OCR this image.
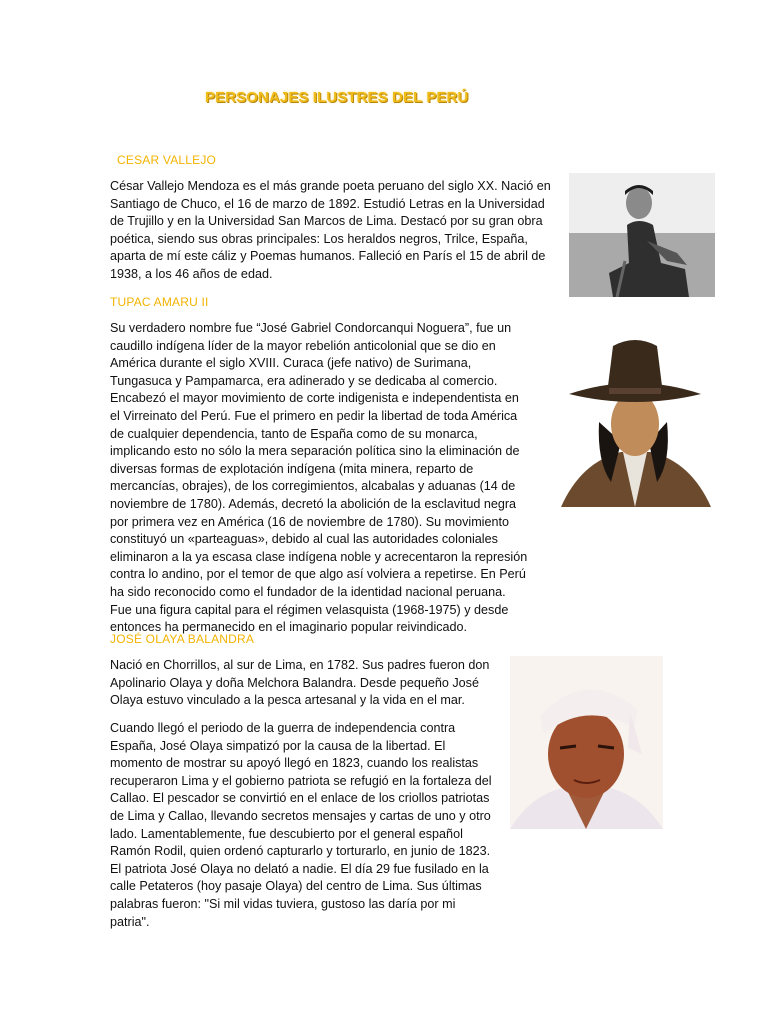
PERSONAJES ILUSTRES DEL PERÚ
CESAR VALLEJO

César Vallejo Mendoza es el más grande poeta peruano del siglo XX. Nació en Santiago de Chuco, el 16 de marzo de 1892. Estudió Letras en la Universidad de Trujillo y en la Universidad San Marcos de Lima. Destacó por su gran obra poética, siendo sus obras principales: Los heraldos negros, Trilce, España, aparta de mí este cáliz y Poemas humanos. Falleció en París el 15 de abril de 1938, a los 46 años de edad.

TUPAC AMARU II

Su verdadero nombre fue “José Gabriel Condorcanqui Noguera”, fue un caudillo indígena líder de la mayor rebelión anticolonial que se dio en América durante el siglo XVIII. Curaca (jefe nativo) de Surimana, Tungasuca y Pampamarca, era adinerado y se dedicaba al comercio. Encabezó el mayor movimiento de corte indigenista e independentista en el Virreinato del Perú. Fue el primero en pedir la libertad de toda América de cualquier dependencia, tanto de España como de su monarca, implicando esto no sólo la mera separación política sino la eliminación de diversas formas de explotación indígena (mita minera, reparto de mercancías, obrajes), de los corregimientos, alcabalas y aduanas (14 de noviembre de 1780). Además, decretó la abolición de la esclavitud negra por primera vez en América (16 de noviembre de 1780). Su movimiento constituyó un «parteaguas», debido al cual las autoridades coloniales eliminaron a la ya escasa clase indígena noble y acrecentaron la represión contra lo andino, por el temor de que algo así volviera a repetirse. En Perú ha sido reconocido como el fundador de la identidad nacional peruana. Fue una figura capital para el régimen velasquista (1968-1975) y desde entonces ha permanecido en el imaginario popular reivindicado.

JOSÉ OLAYA BALANDRA

Nació en Chorrillos, al sur de Lima, en 1782. Sus padres fueron don Apolinario Olaya y doña Melchora Balandra. Desde pequeño José Olaya estuvo vinculado a la pesca artesanal y la vida en el mar.

Cuando llegó el periodo de la guerra de independencia contra España, José Olaya simpatizó por la causa de la libertad. El momento de mostrar su apoyó llegó en 1823, cuando los realistas recuperaron Lima y el gobierno patriota se refugió en la fortaleza del Callao. El pescador se convirtió en el enlace de los criollos patriotas de Lima y Callao, llevando secretos mensajes y cartas de uno y otro lado. Lamentablemente, fue descubierto por el general español Ramón Rodil, quien ordenó capturarlo y torturarlo, en junio de 1823. El patriota José Olaya no delató a nadie. El día 29 fue fusilado en la calle Petateros (hoy pasaje Olaya) del centro de Lima. Sus últimas palabras fueron: "Si mil vidas tuviera, gustoso las daría por mi patria".
